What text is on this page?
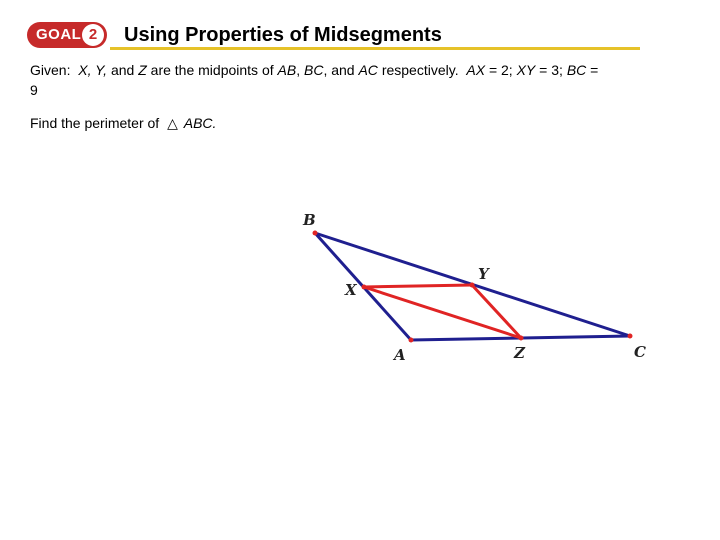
GOAL 2	Using Properties of Midsegments
Given: X, Y, and Z are the midpoints of AB, BC, and AC respectively. AX = 2; XY = 3; BC =
9
Find the perimeter of △ ABC.
B
Y
X
A	Z	C
